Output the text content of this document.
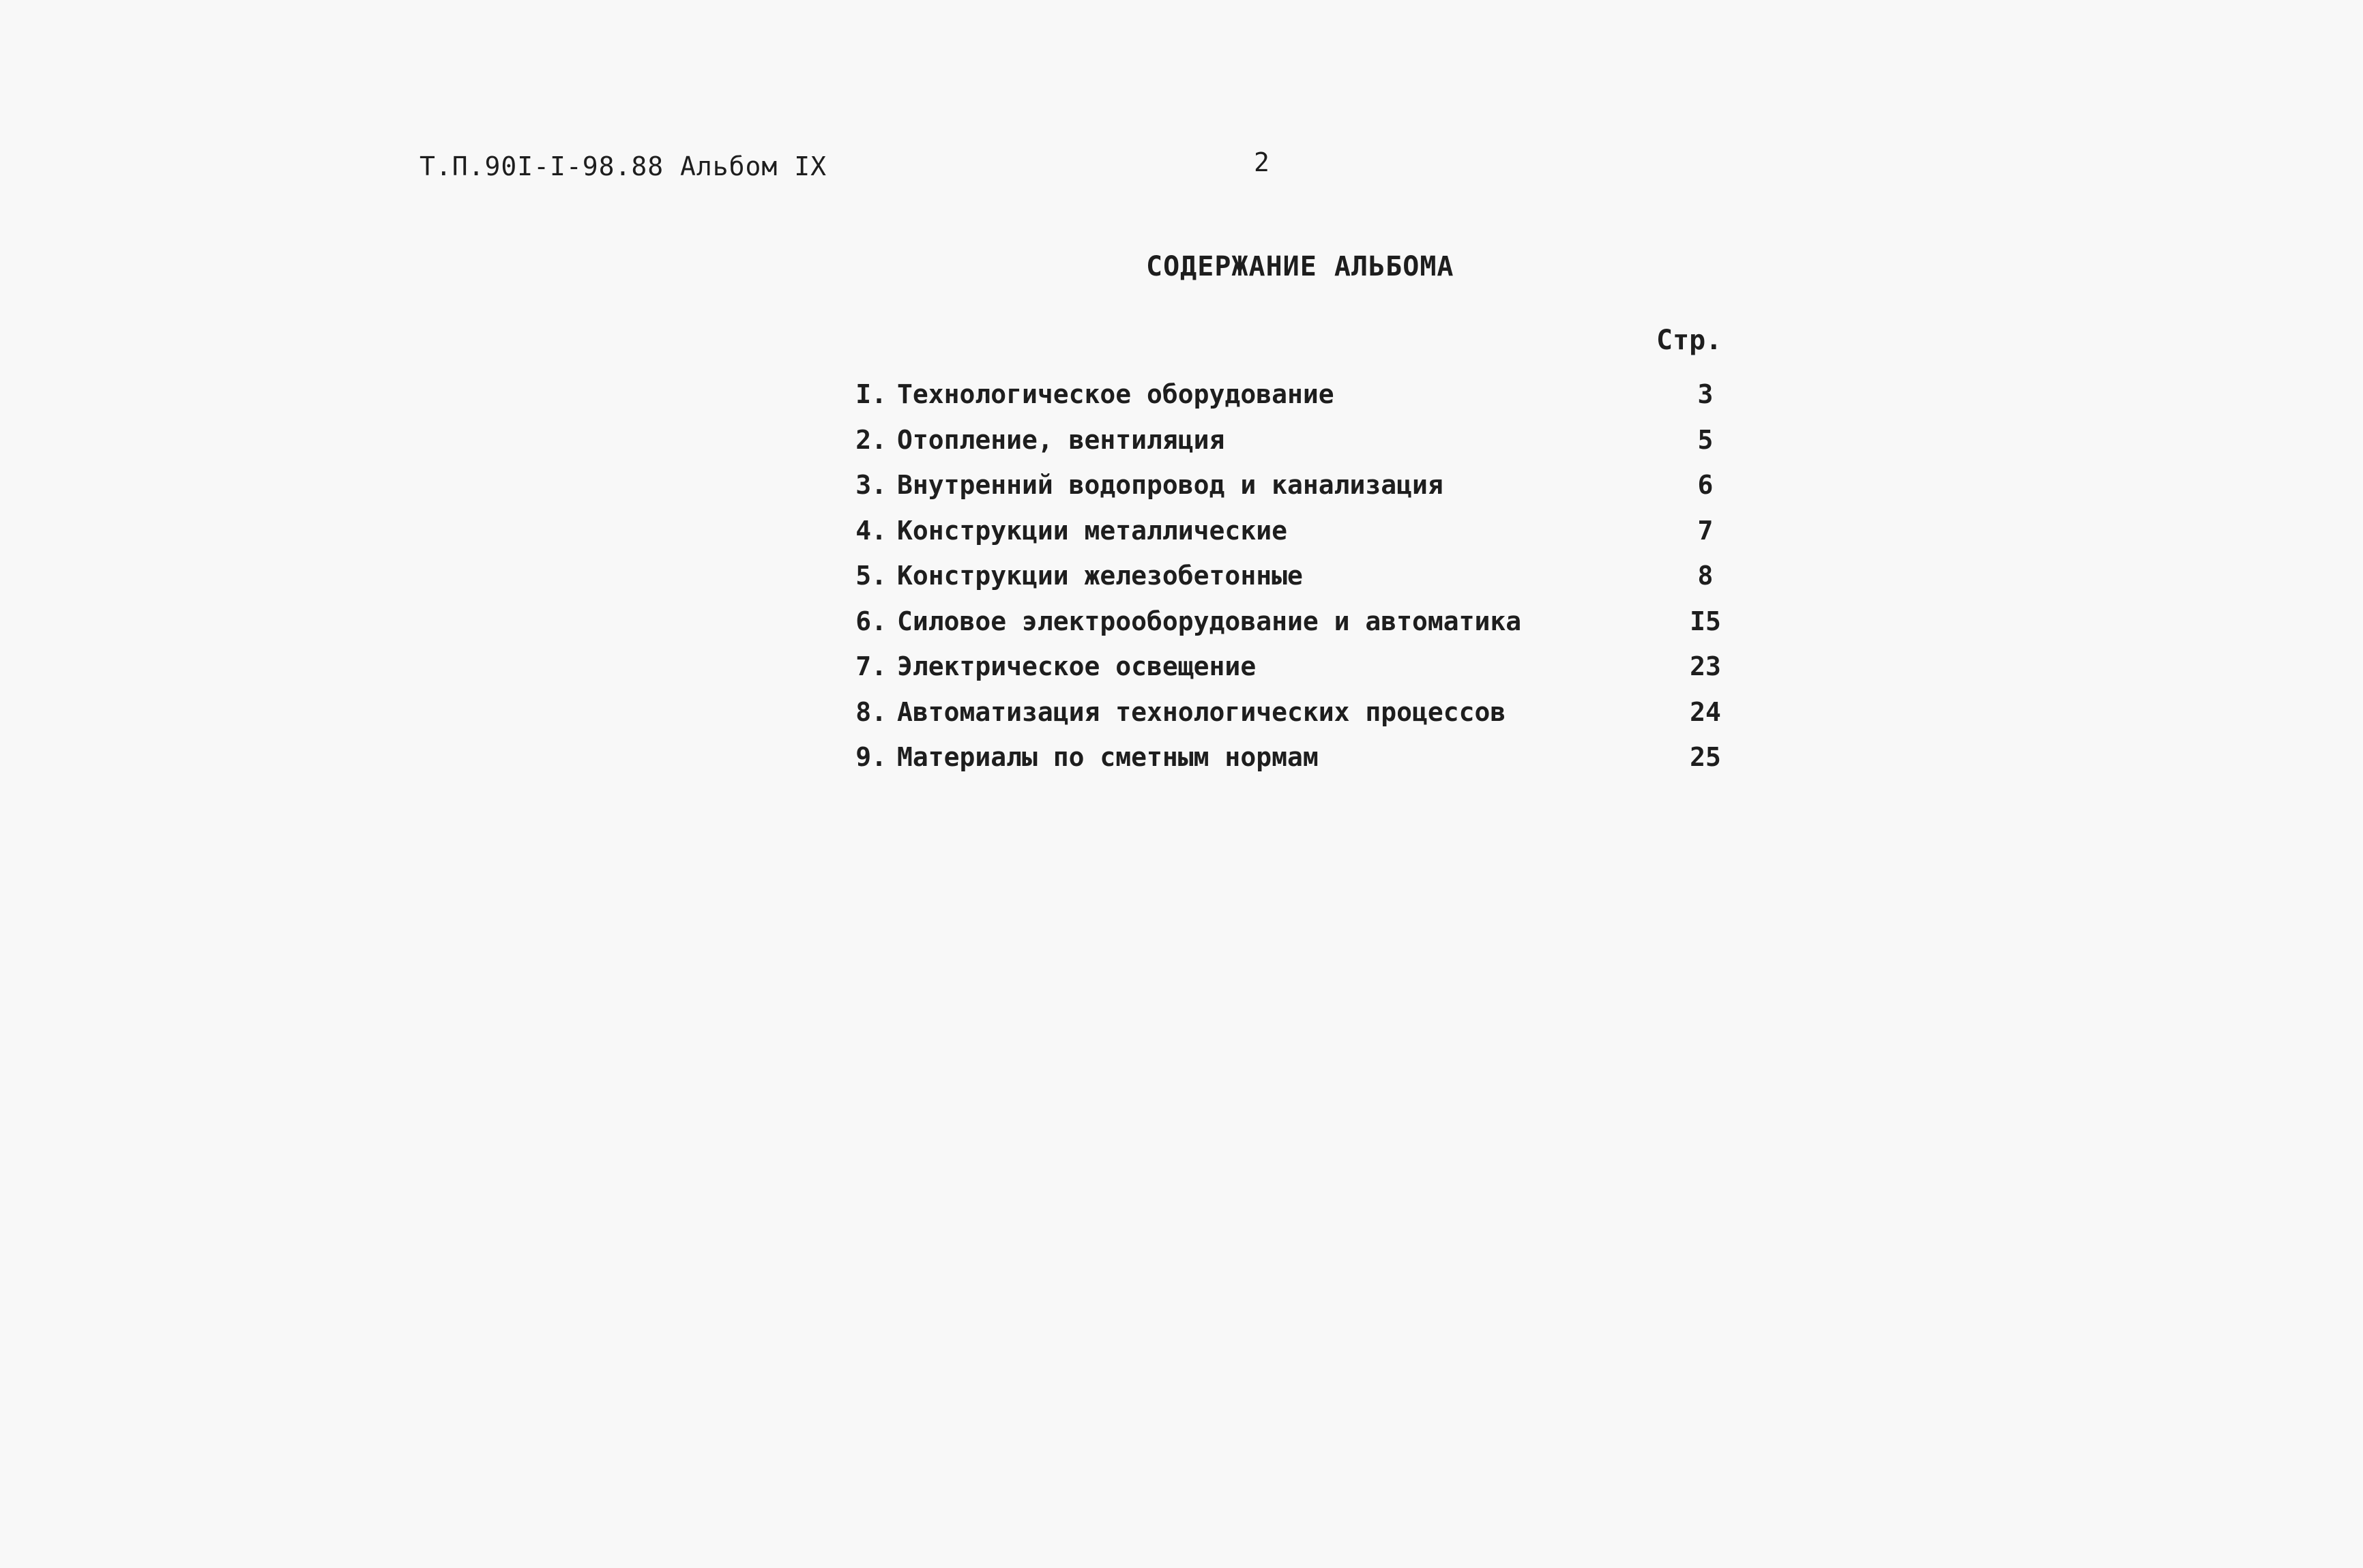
Т.П.90I-I-98.88 Альбом IX	2
СОДЕРЖАНИЕ АЛЬБОМА
Стр.
I. Технологическое оборудование	3
2. Отопление, вентиляция	5
3. Внутренний водопровод и канализация	6
4. Конструкции металлические	7
5. Конструкции железобетонные	8
6. Силовое электрооборудование и автоматика	I5
7. Электрическое освещение	23
8. Автоматизация технологических процессов	24
9. Материалы по сметным нормам	25
